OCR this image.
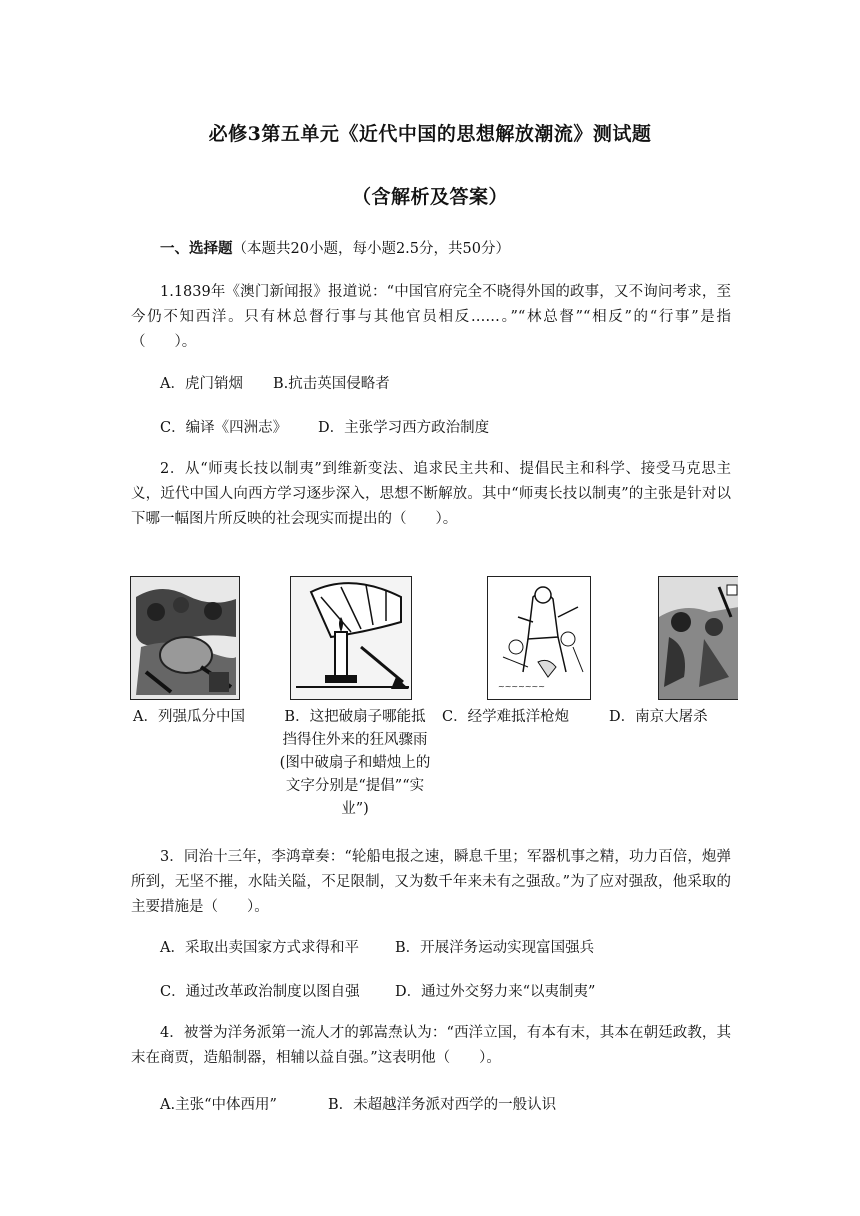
必修3第五单元《近代中国的思想解放潮流》测试题
（含解析及答案）
一、选择题（本题共20小题，每小题2.5分，共50分）
1.1839年《澳门新闻报》报道说：“中国官府完全不晓得外国的政事，又不询问考求，至今仍不知西洋。只有林总督行事与其他官员相反……。”“林总督”“相反”的“行事”是指（　　）。
A．虎门销烟 B.抗击英国侵略者
C．编译《四洲志》 D．主张学习西方政治制度
2．从“师夷长技以制夷”到维新变法、追求民主共和、提倡民主和科学、接受马克思主义，近代中国人向西方学习逐步深入，思想不断解放。其中“师夷长技以制夷”的主张是针对以下哪一幅图片所反映的社会现实而提出的（　　）。
~~~~~~~
A．列强瓜分中国	B．这把破扇子哪能抵挡得住外来的狂风骤雨(图中破扇子和蜡烛上的文字分别是“提倡”“实业”)
C．经学难抵洋枪炮	D．南京大屠杀
3．同治十三年，李鸿章奏：“轮船电报之速，瞬息千里；军器机事之精，功力百倍，炮弹所到，无坚不摧，水陆关隘，不足限制，又为数千年来未有之强敌。”为了应对强敌，他采取的主要措施是（　　）。
A．采取出卖国家方式求得和平 B．开展洋务运动实现富国强兵
C．通过改革政治制度以图自强 D．通过外交努力来“以夷制夷”
4．被誉为洋务派第一流人才的郭嵩焘认为：“西洋立国，有本有末，其本在朝廷政教，其末在商贾，造船制器，相辅以益自强。”这表明他（　　）。
A.主张“中体西用”	B．未超越洋务派对西学的一般认识
